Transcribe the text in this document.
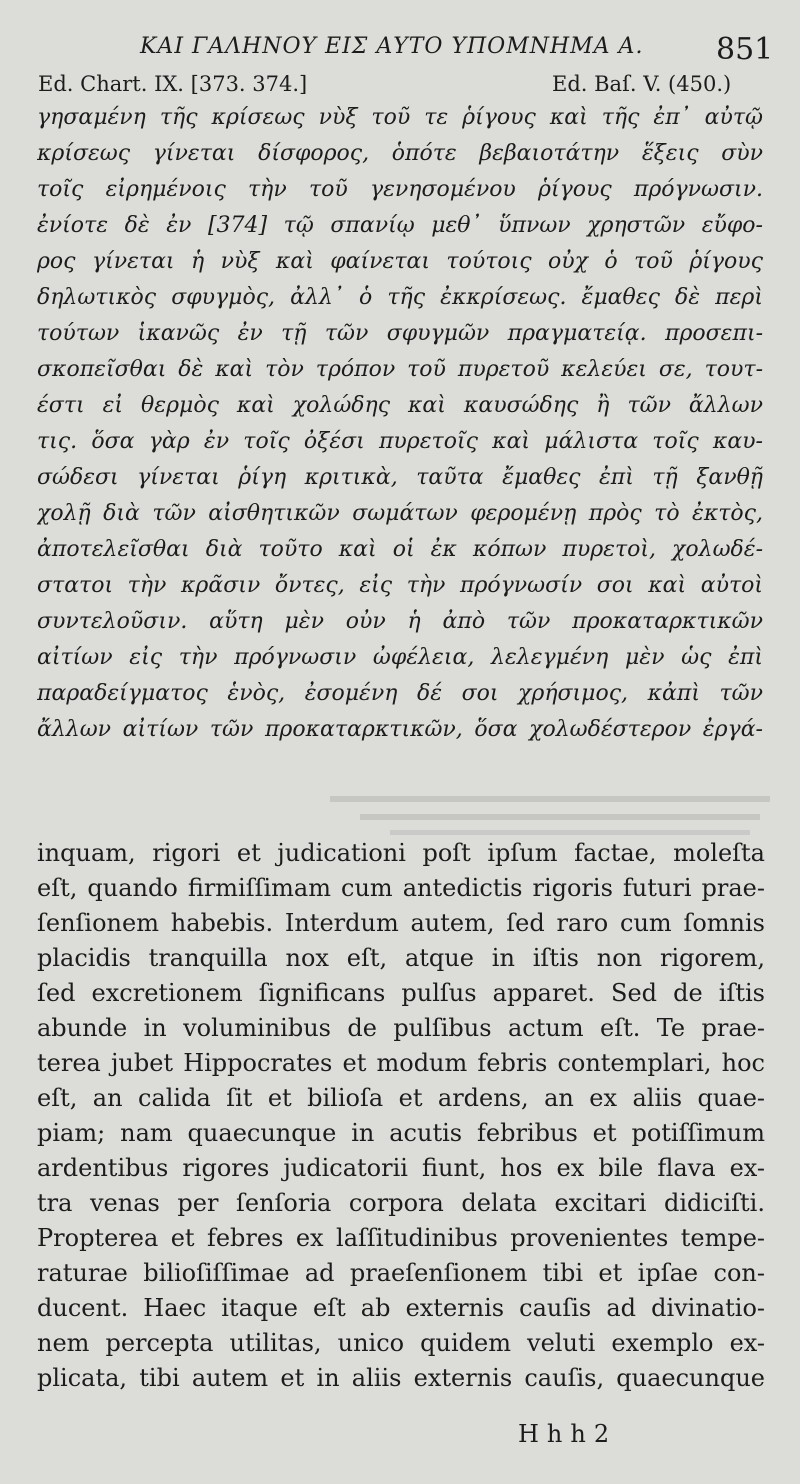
ΚΑΙ ΓΑΛΗΝΟΥ ΕΙΣ ΑΥΤΟ ΥΠΟΜΝΗΜΑ Α. 851
Ed. Chart. IX. [373. 374.]	Ed. Baſ. V. (450.)
γησαμένη τῆς κρίσεως νὺξ τοῦ τε ῥίγους καὶ τῆς ἐπ᾽ αὐτῷ
κρίσεως γίνεται δίσφορος, ὁπότε βεβαιοτάτην ἕξεις σὺν
τοῖς εἰρημένοις τὴν τοῦ γενησομένου ῥίγους πρόγνωσιν.
ἐνίοτε δὲ ἐν [374] τῷ σπανίῳ μεθ᾽ ὕπνων χρηστῶν εὔφο-
ρος γίνεται ἡ νὺξ καὶ φαίνεται τούτοις οὐχ ὁ τοῦ ῥίγους
δηλωτικὸς σφυγμὸς, ἀλλ᾽ ὁ τῆς ἐκκρίσεως. ἔμαθες δὲ περὶ
τούτων ἱκανῶς ἐν τῇ τῶν σφυγμῶν πραγματείᾳ. προσεπι-
σκοπεῖσθαι δὲ καὶ τὸν τρόπον τοῦ πυρετοῦ κελεύει σε, τουτ-
έστι εἰ θερμὸς καὶ χολώδης καὶ καυσώδης ἢ τῶν ἄλλων
τις. ὅσα γὰρ ἐν τοῖς ὀξέσι πυρετοῖς καὶ μάλιστα τοῖς καυ-
σώδεσι γίνεται ῥίγη κριτικὰ, ταῦτα ἔμαθες ἐπὶ τῇ ξανθῇ
χολῇ διὰ τῶν αἰσθητικῶν σωμάτων φερομένῃ πρὸς τὸ ἐκτὸς,
ἀποτελεῖσθαι διὰ τοῦτο καὶ οἱ ἐκ κόπων πυρετοὶ, χολωδέ-
στατοι τὴν κρᾶσιν ὄντες, εἰς τὴν πρόγνωσίν σοι καὶ αὐτοὶ
συντελοῦσιν. αὕτη μὲν οὖν ἡ ἀπὸ τῶν προκαταρκτικῶν
αἰτίων εἰς τὴν πρόγνωσιν ὠφέλεια, λελεγμένη μὲν ὡς ἐπὶ
παραδείγματος ἑνὸς, ἐσομένη δέ σοι χρήσιμος, κἀπὶ τῶν
ἄλλων αἰτίων τῶν προκαταρκτικῶν, ὅσα χολωδέστερον ἐργά-
inquam, rigori et judicationi poſt ipſum factae, moleſta
eſt, quando firmiſſimam cum antedictis rigoris futuri prae-
ſenſionem habebis. Interdum autem, ſed raro cum ſomnis
placidis tranquilla nox eſt, atque in iſtis non rigorem,
ſed excretionem ſignificans pulſus apparet. Sed de iſtis
abunde in voluminibus de pulſibus actum eſt. Te prae-
terea jubet Hippocrates et modum febris contemplari, hoc
eſt, an calida ſit et bilioſa et ardens, an ex aliis quae-
piam; nam quaecunque in acutis febribus et potiſſimum
ardentibus rigores judicatorii fiunt, hos ex bile flava ex-
tra venas per ſenſoria corpora delata excitari didiciſti.
Propterea et febres ex laſſitudinibus provenientes tempe-
raturae bilioſiſſimae ad praeſenſionem tibi et ipſae con-
ducent. Haec itaque eſt ab externis cauſis ad divinatio-
nem percepta utilitas, unico quidem veluti exemplo ex-
plicata, tibi autem et in aliis externis cauſis, quaecunque
Hhh2
